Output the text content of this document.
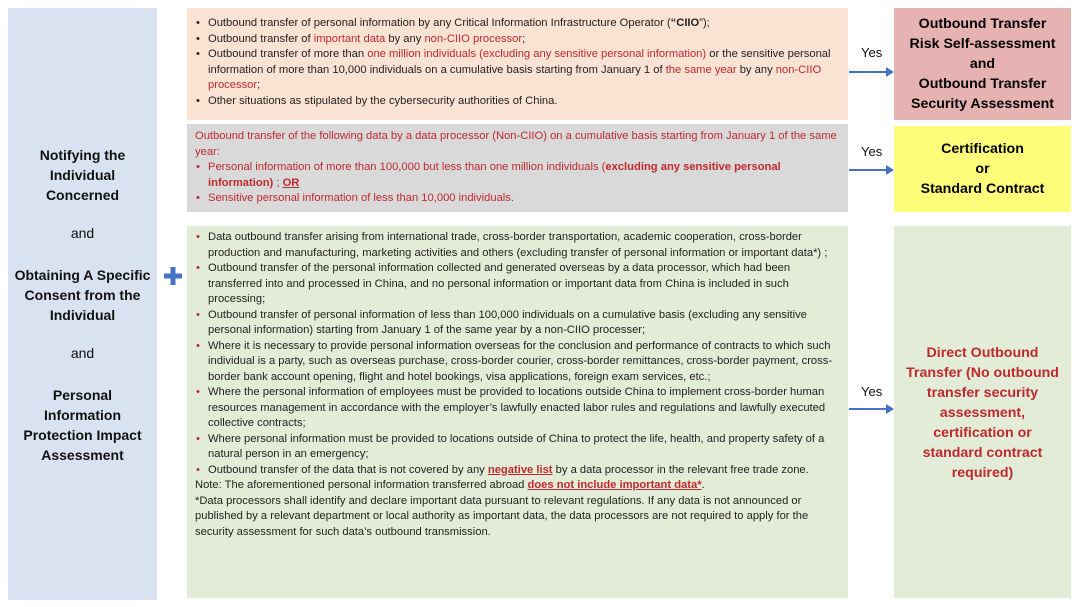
Notifying the
Individual
Concerned
and
Obtaining A Specific
Consent from the
Individual
and
Personal
Information
Protection Impact
Assessment
• Outbound transfer of personal information by any Critical Information Infrastructure Operator (“CIIO”);
• Outbound transfer of important data by any non-CIIO processor;
• Outbound transfer of more than one million individuals (excluding any sensitive personal information) or the sensitive personal information of more than 10,000 individuals on a cumulative basis starting from January 1 of the same year by any non-CIIO processor;
• Other situations as stipulated by the cybersecurity authorities of China.
Outbound transfer of the following data by a data processor (Non-CIIO) on a cumulative basis starting from January 1 of the same year:
• Personal information of more than 100,000 but less than one million individuals (excluding any sensitive personal information) ; OR
• Sensitive personal information of less than 10,000 individuals.
• Data outbound transfer arising from international trade, cross-border transportation, academic cooperation, cross-border production and manufacturing, marketing activities and others (excluding transfer of personal information or important data*) ;
• Outbound transfer of the personal information collected and generated overseas by a data processor, which had been transferred into and processed in China, and no personal information or important data from China is included in such processing;
• Outbound transfer of personal information of less than 100,000 individuals on a cumulative basis (excluding any sensitive personal information) starting from January 1 of the same year by a non-CIIO processer;
• Where it is necessary to provide personal information overseas for the conclusion and performance of contracts to which such individual is a party, such as overseas purchase, cross-border courier, cross-border remittances, cross-border payment, cross-border bank account opening, flight and hotel bookings, visa applications, foreign exam services, etc.;
• Where the personal information of employees must be provided to locations outside China to implement cross-border human resources management in accordance with the employer’s lawfully enacted labor rules and regulations and lawfully executed collective contracts;
• Where personal information must be provided to locations outside of China to protect the life, health, and property safety of a natural person in an emergency;
• Outbound transfer of the data that is not covered by any negative list by a data processor in the relevant free trade zone.
Note: The aforementioned personal information transferred abroad does not include important data*.
*Data processors shall identify and declare important data pursuant to relevant regulations. If any data is not announced or published by a relevant department or local authority as important data, the data processors are not required to apply for the security assessment for such data’s outbound transmission.
Yes
Yes
Yes
Outbound Transfer
Risk Self-assessment
and
Outbound Transfer
Security Assessment
Certification
or
Standard Contract
Direct Outbound
Transfer (No outbound
transfer security
assessment,
certification or
standard contract
required)
